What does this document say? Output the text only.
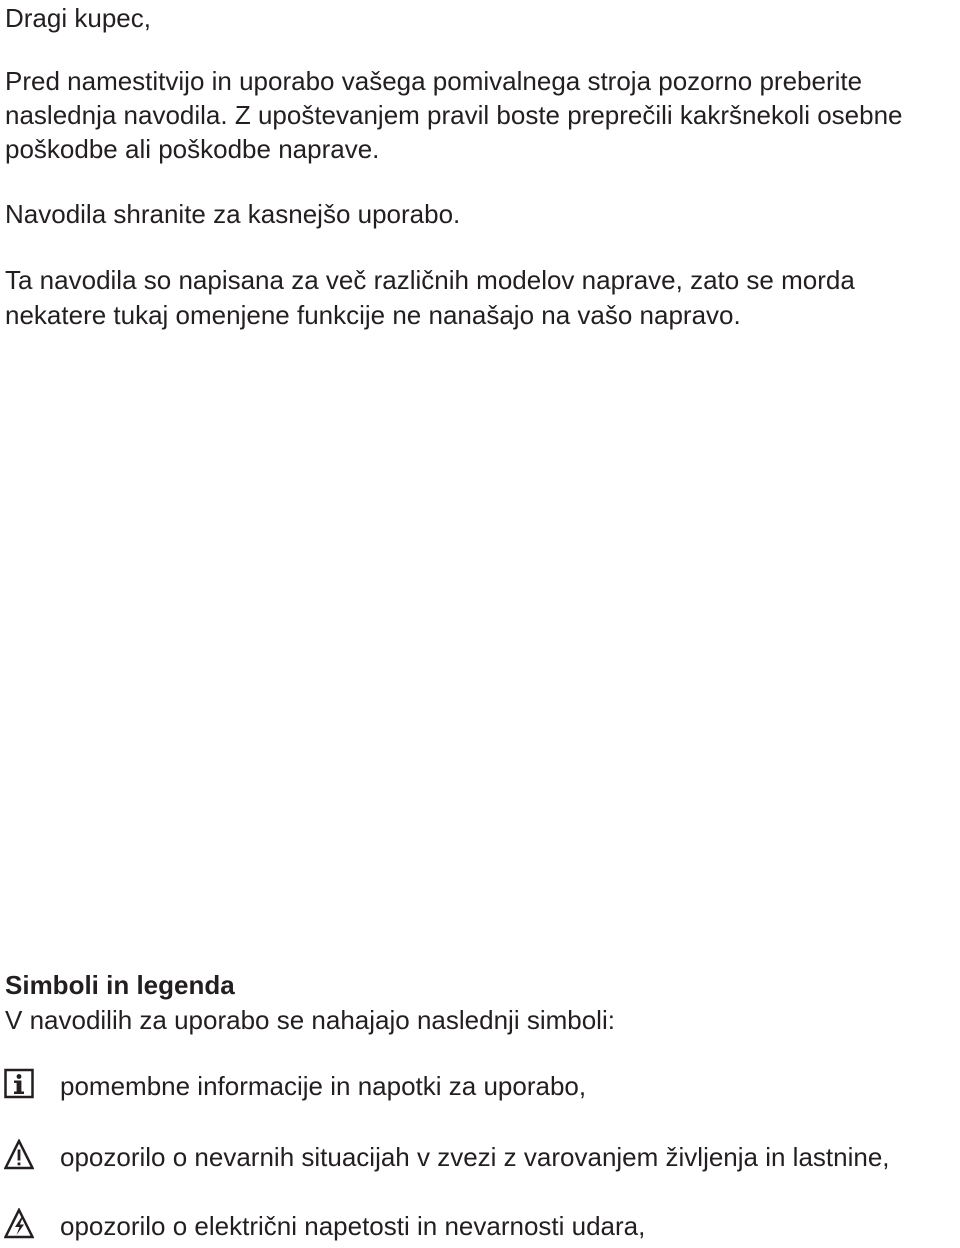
Dragi kupec,

Pred namestitvijo in uporabo vašega pomivalnega stroja pozorno preberite

naslednja navodila. Z upoštevanjem pravil boste preprečili kakršnekoli osebne

poškodbe ali poškodbe naprave.

Navodila shranite za kasnejšo uporabo.

Ta navodila so napisana za več različnih modelov naprave, zato se morda

nekatere tukaj omenjene funkcije ne nanašajo na vašo napravo.

Simboli in legenda

V navodilih za uporabo se nahajajo naslednji simboli:

pomembne informacije in napotki za uporabo,
opozorilo o nevarnih situacijah v zvezi z varovanjem življenja in lastnine,
opozorilo o električni napetosti in nevarnosti udara,
